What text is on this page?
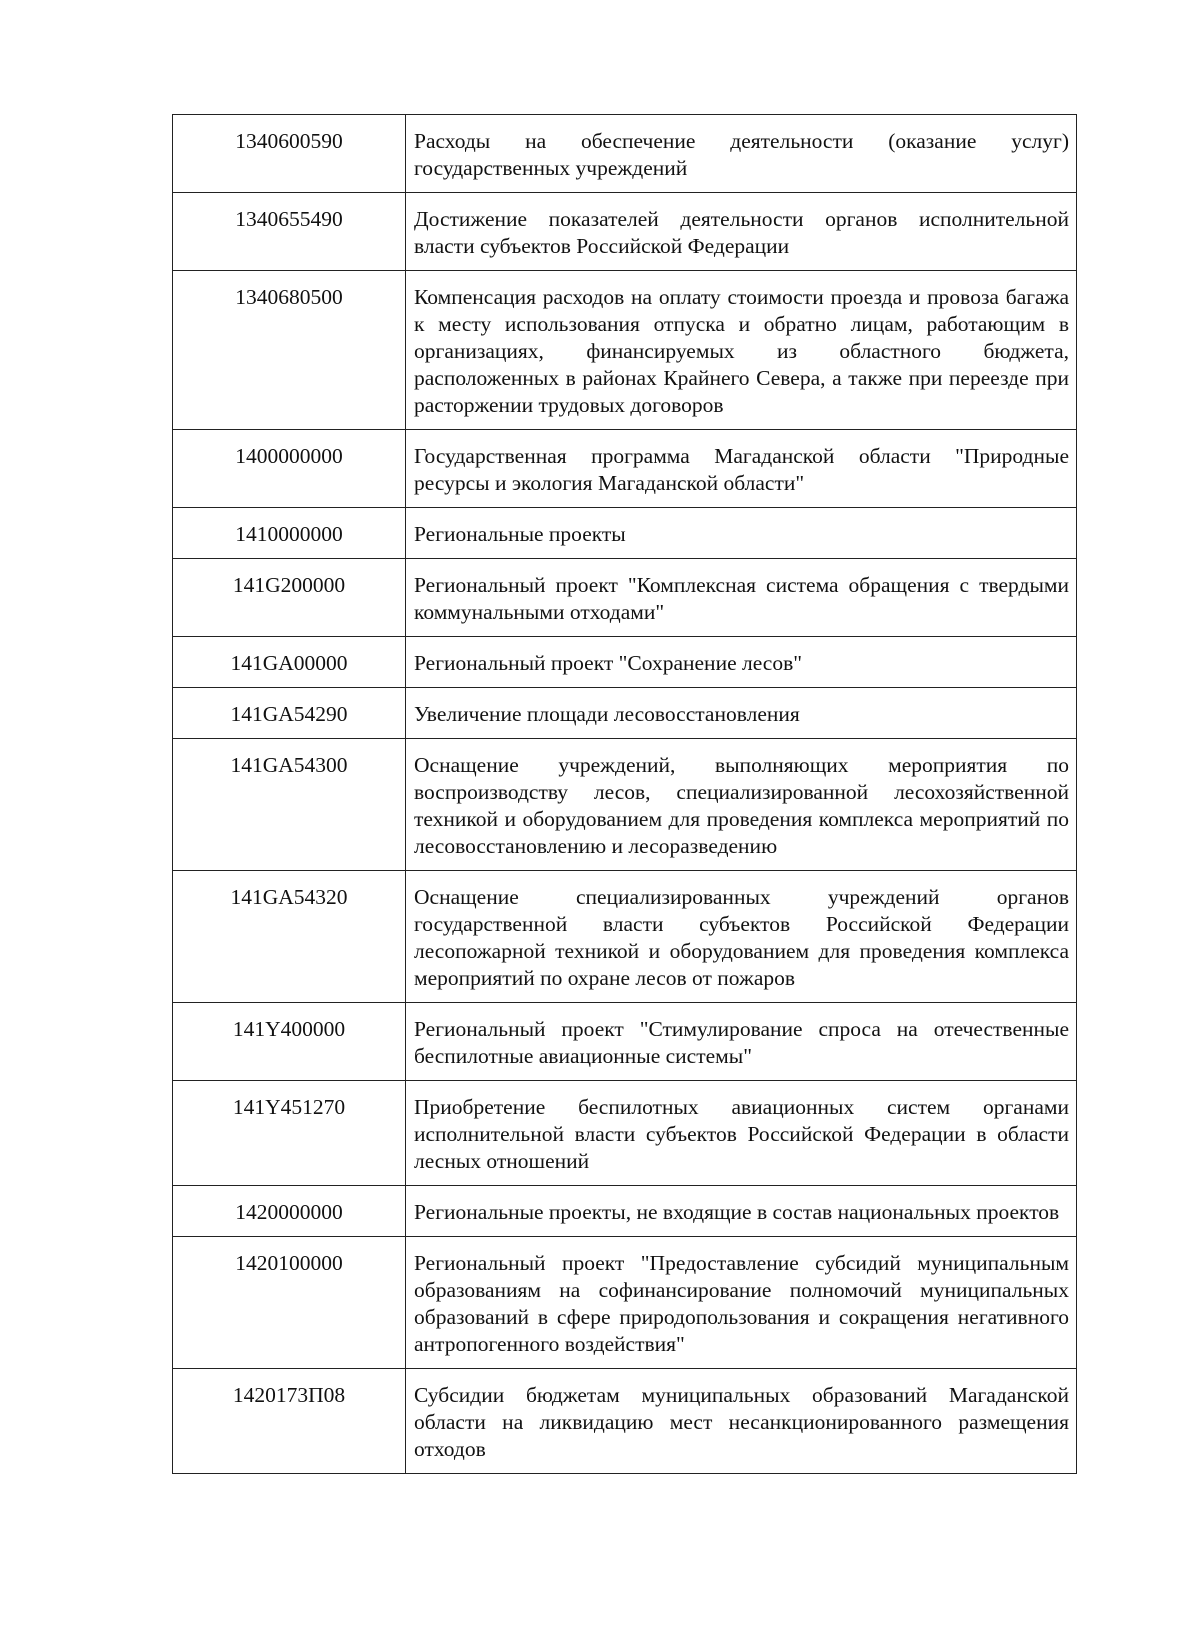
1340600590	Расходы на обеспечение деятельности (оказание услуг) государственных учреждений
1340655490	Достижение показателей деятельности органов исполнительной власти субъектов Российской Федерации
1340680500	Компенсация расходов на оплату стоимости проезда и провоза багажа к месту использования отпуска и обратно лицам, работающим в организациях, финансируемых из областного бюджета, расположенных в районах Крайнего Севера, а также при переезде при расторжении трудовых договоров
1400000000	Государственная программа Магаданской области "Природные ресурсы и экология Магаданской области"
1410000000	Региональные проекты
141G200000	Региональный проект "Комплексная система обращения с твердыми коммунальными отходами"
141GA00000	Региональный проект "Сохранение лесов"
141GA54290	Увеличение площади лесовосстановления
141GA54300	Оснащение учреждений, выполняющих мероприятия по воспроизводству лесов, специализированной лесохозяйственной техникой и оборудованием для проведения комплекса мероприятий по лесовосстановлению и лесоразведению
141GA54320	Оснащение специализированных учреждений органов государственной власти субъектов Российской Федерации лесопожарной техникой и оборудованием для проведения комплекса мероприятий по охране лесов от пожаров
141Y400000	Региональный проект "Стимулирование спроса на отечественные беспилотные авиационные системы"
141Y451270	Приобретение беспилотных авиационных систем органами исполнительной власти субъектов Российской Федерации в области лесных отношений
1420000000	Региональные проекты, не входящие в состав национальных проектов
1420100000	Региональный проект "Предоставление субсидий муниципальным образованиям на софинансирование полномочий муниципальных образований в сфере природопользования и сокращения негативного антропогенного воздействия"
1420173П08	Субсидии бюджетам муниципальных образований Магаданской области на ликвидацию мест несанкционированного размещения отходов
